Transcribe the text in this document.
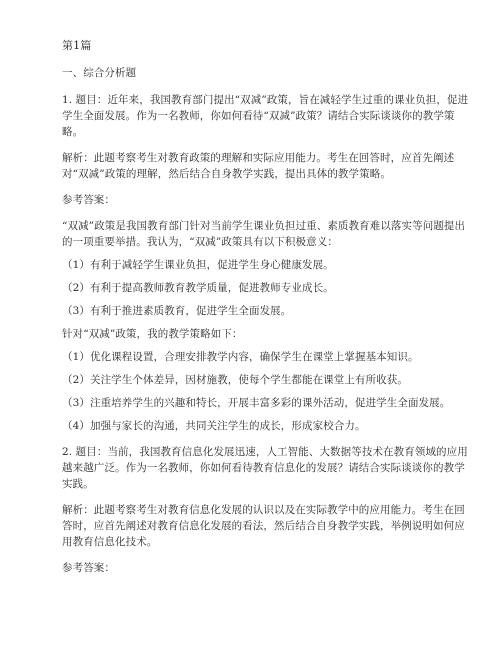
第1篇

一、综合分析题

1. 题目：近年来，我国教育部门提出“双减”政策，旨在减轻学生过重的课业负担，促进学生全面发展。作为一名教师，你如何看待“双减”政策？请结合实际谈谈你的教学策略。

解析：此题考察考生对教育政策的理解和实际应用能力。考生在回答时，应首先阐述对“双减”政策的理解，然后结合自身教学实践，提出具体的教学策略。

参考答案：

“双减”政策是我国教育部门针对当前学生课业负担过重、素质教育难以落实等问题提出的一项重要举措。我认为，“双减”政策具有以下积极意义：

（1）有利于减轻学生课业负担，促进学生身心健康发展。

（2）有利于提高教师教育教学质量，促进教师专业成长。

（3）有利于推进素质教育，促进学生全面发展。

针对“双减”政策，我的教学策略如下：

（1）优化课程设置，合理安排教学内容，确保学生在课堂上掌握基本知识。

（2）关注学生个体差异，因材施教，使每个学生都能在课堂上有所收获。

（3）注重培养学生的兴趣和特长，开展丰富多彩的课外活动，促进学生全面发展。

（4）加强与家长的沟通，共同关注学生的成长，形成家校合力。

2. 题目：当前，我国教育信息化发展迅速，人工智能、大数据等技术在教育领域的应用越来越广泛。作为一名教师，你如何看待教育信息化的发展？请结合实际谈谈你的教学实践。

解析：此题考察考生对教育信息化发展的认识以及在实际教学中的应用能力。考生在回答时，应首先阐述对教育信息化发展的看法，然后结合自身教学实践，举例说明如何应用教育信息化技术。

参考答案：
